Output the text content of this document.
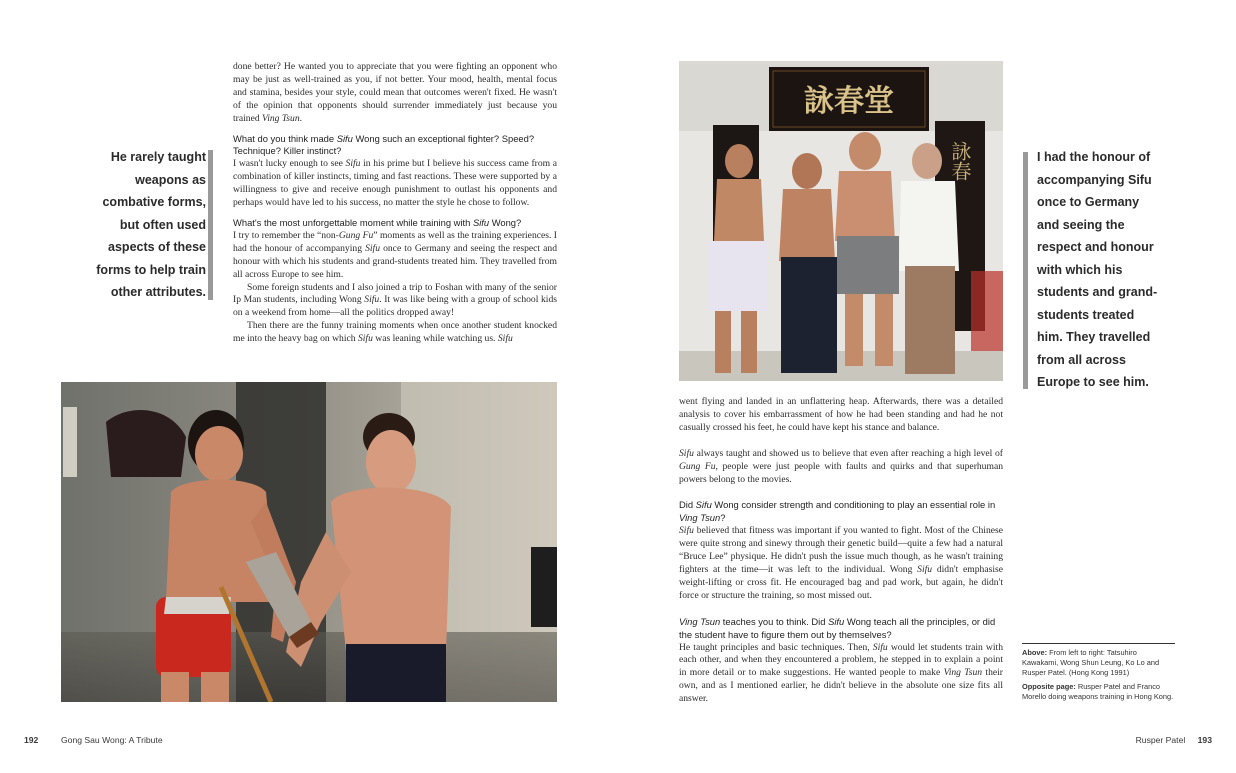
done better? He wanted you to appreciate that you were fighting an opponent who may be just as well-trained as you, if not better. Your mood, health, mental focus and stamina, besides your style, could mean that outcomes weren't fixed. He wasn't of the opinion that opponents should surrender immediately just because you trained Ving Tsun.

What do you think made Sifu Wong such an exceptional fighter? Speed? Technique? Killer instinct?

I wasn't lucky enough to see Sifu in his prime but I believe his success came from a combination of killer instincts, timing and fast reactions. These were supported by a willingness to give and receive enough punishment to outlast his opponents and perhaps would have led to his success, no matter the style he chose to follow.

What's the most unforgettable moment while training with Sifu Wong?

I try to remember the “non-Gung Fu” moments as well as the training experiences. I had the honour of accompanying Sifu once to Germany and seeing the respect and honour with which his students and grand-students treated him. They travelled from all across Europe to see him.

Some foreign students and I also joined a trip to Foshan with many of the senior Ip Man students, including Wong Sifu. It was like being with a group of school kids on a weekend from home—all the politics dropped away!

Then there are the funny training moments when once another student knocked me into the heavy bag on which Sifu was leaning while watching us. Sifu

He rarely taught
weapons as
combative forms,
but often used
aspects of these
forms to help train
other attributes.
192	Gong Sau Wong: A Tribute
詠春堂
詠春

went flying and landed in an unflattering heap. Afterwards, there was a detailed analysis to cover his embarrassment of how he had been standing and had he not casually crossed his feet, he could have kept his stance and balance.

Sifu always taught and showed us to believe that even after reaching a high level of Gung Fu, people were just people with faults and quirks and that superhuman powers belong to the movies.

Did Sifu Wong consider strength and conditioning to play an essential role in Ving Tsun?

Sifu believed that fitness was important if you wanted to fight. Most of the Chinese were quite strong and sinewy through their genetic build—quite a few had a natural “Bruce Lee” physique. He didn't push the issue much though, as he wasn't training fighters at the time—it was left to the individual. Wong Sifu didn't emphasise weight-lifting or cross fit. He encouraged bag and pad work, but again, he didn't force or structure the training, so most missed out.

Ving Tsun teaches you to think. Did Sifu Wong teach all the principles, or did the student have to figure them out by themselves?

He taught principles and basic techniques. Then, Sifu would let students train with each other, and when they encountered a problem, he stepped in to explain a point in more detail or to make suggestions. He wanted people to make Ving Tsun their own, and as I mentioned earlier, he didn't believe in the absolute one size fits all answer.

I had the honour of
accompanying Sifu
once to Germany
and seeing the
respect and honour
with which his
students and grand-
students treated
him. They travelled
from all across
Europe to see him.
Above: From left to right: Tatsuhiro Kawakami, Wong Shun Leung, Ko Lo and Rusper Patel. (Hong Kong 1991)
Opposite page: Rusper Patel and Franco Morello doing weapons training in Hong Kong.
Rusper Patel 193
